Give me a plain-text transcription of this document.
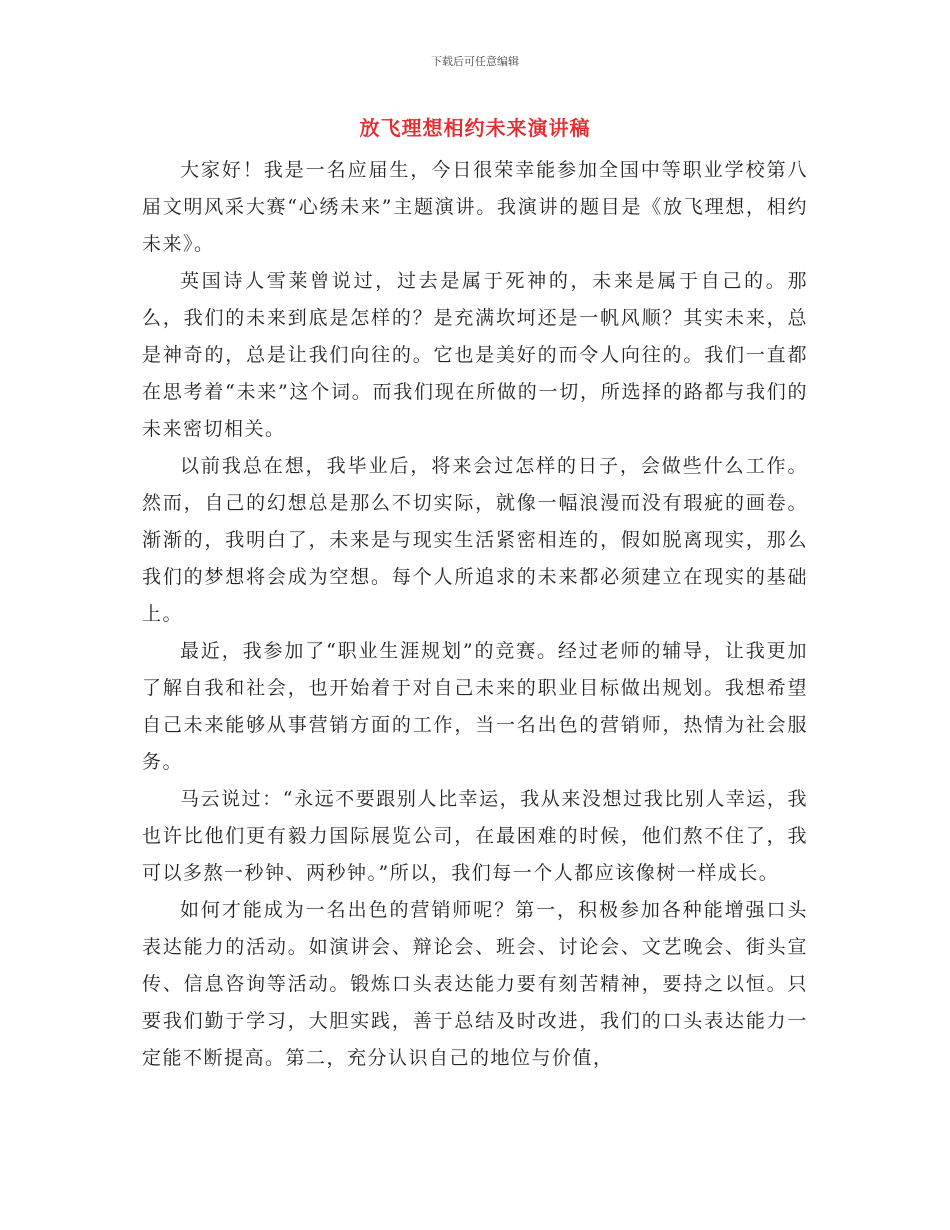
下载后可任意编辑
放飞理想相约未来演讲稿

大家好！我是一名应届生，今日很荣幸能参加全国中等职业学校第八届文明风采大赛“心绣未来”主题演讲。我演讲的题目是《放飞理想，相约未来》。

英国诗人雪莱曾说过，过去是属于死神的，未来是属于自己的。那么，我们的未来到底是怎样的？是充满坎坷还是一帆风顺？其实未来，总是神奇的，总是让我们向往的。它也是美好的而令人向往的。我们一直都在思考着“未来”这个词。而我们现在所做的一切，所选择的路都与我们的未来密切相关。

以前我总在想，我毕业后，将来会过怎样的日子，会做些什么工作。然而，自己的幻想总是那么不切实际，就像一幅浪漫而没有瑕疵的画卷。渐渐的，我明白了，未来是与现实生活紧密相连的，假如脱离现实，那么我们的梦想将会成为空想。每个人所追求的未来都必须建立在现实的基础上。

最近，我参加了“职业生涯规划”的竞赛。经过老师的辅导，让我更加了解自我和社会，也开始着于对自己未来的职业目标做出规划。我想希望自己未来能够从事营销方面的工作，当一名出色的营销师，热情为社会服务。

马云说过：“永远不要跟别人比幸运，我从来没想过我比别人幸运，我也许比他们更有毅力国际展览公司，在最困难的时候，他们熬不住了，我可以多熬一秒钟、两秒钟。”所以，我们每一个人都应该像树一样成长。

如何才能成为一名出色的营销师呢？第一，积极参加各种能增强口头表达能力的活动。如演讲会、辩论会、班会、讨论会、文艺晚会、街头宣传、信息咨询等活动。锻炼口头表达能力要有刻苦精神，要持之以恒。只要我们勤于学习，大胆实践，善于总结及时改进，我们的口头表达能力一定能不断提高。第二，充分认识自己的地位与价值，
